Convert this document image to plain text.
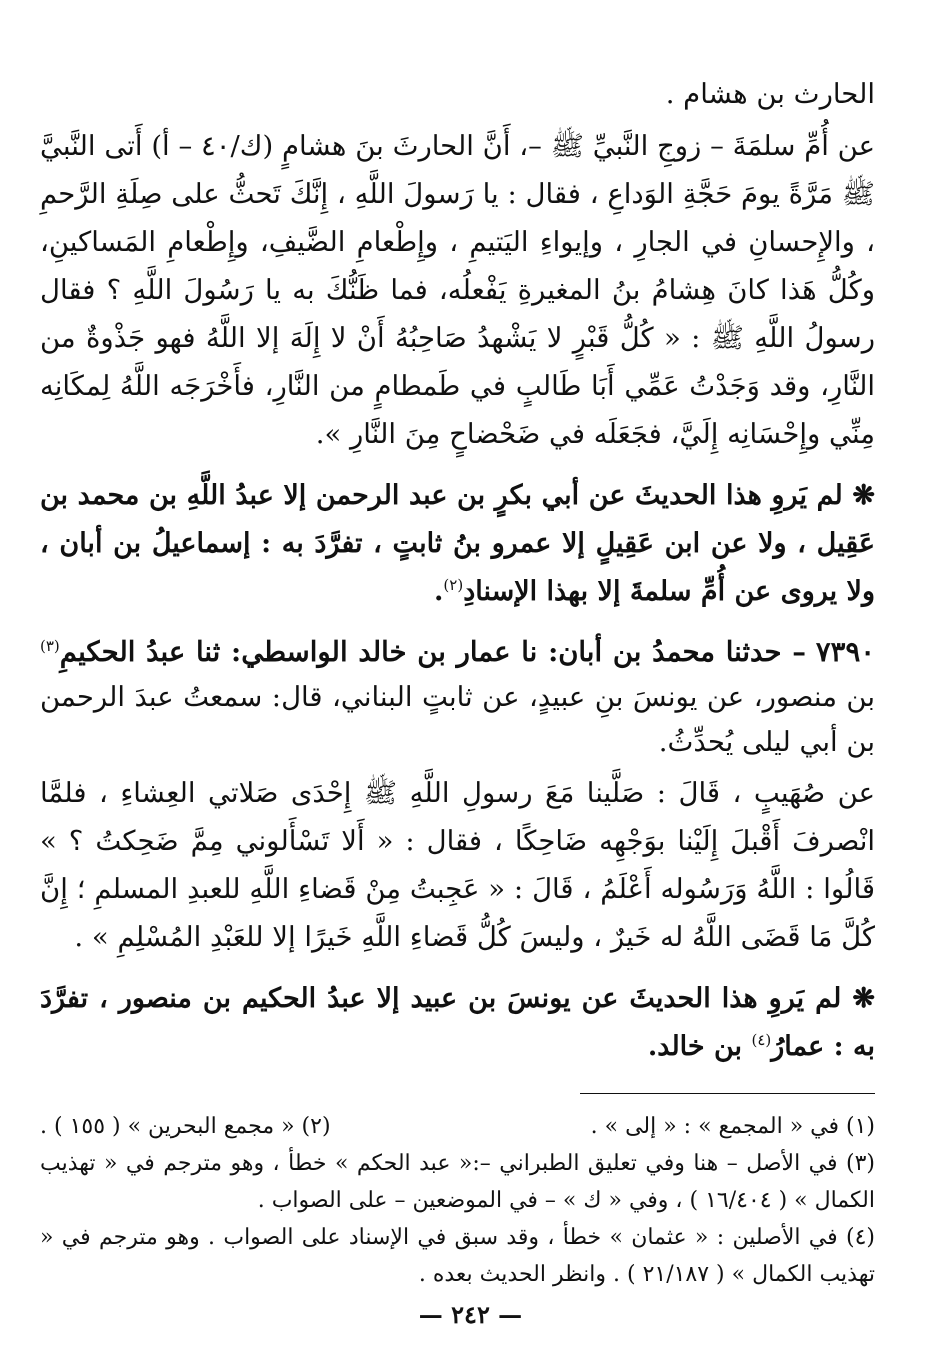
الحارث بن هشام .

عن أُمِّ سلمَةَ – زوجِ النَّبيِّ ﷺ –، أَنَّ الحارثَ بنَ هشامٍ (ك/٤٠ – أ) أَتى النَّبيَّ ﷺ مَرَّةً يومَ حَجَّةِ الوَداعِ ، فقال : يا رَسولَ اللَّهِ ، إِنَّكَ تَحثُّ على صِلَةِ الرَّحمِ ، والإِحسانِ في الجارِ ، وإيواءِ اليَتيمِ ، وإِطْعامِ الضَّيفِ، وإِطْعامِ المَساكينِ، وكُلُّ هَذا كانَ هِشامُ بنُ المغيرةِ يَفْعلُه، فما ظَنُّكَ به يا رَسُولَ اللَّهِ ؟ فقال رسولُ اللَّهِ ﷺ : « كُلُّ قَبْرٍ لا يَشْهدُ صَاحِبُهُ أَنْ لا إِلَهَ إلا اللَّهُ فهو جَذْوةٌ من النَّارِ، وقد وَجَدْتُ عَمِّي أَبَا طَالبٍ في طَمطامٍ من النَّارِ، فأَخْرَجَه اللَّهُ لِمكَانِه مِنِّي وإِحْسَانِه إِلَيَّ، فجَعَلَه في ضَحْضاحٍ مِنَ النَّارِ ».

❋ لم يَروِ هذا الحديثَ عن أبي بكرٍ بن عبد الرحمن إلا عبدُ اللَّهِ بن محمد بن عَقِيل ، ولا عن ابن عَقِيلٍ إلا عمرو بنُ ثابتٍ ، تفرَّدَ به : إسماعيلُ بن أبان ، ولا يروى عن أُمِّ سلمةَ إلا بهذا الإسنادِ$^{(٢)}$.

٧٣٩٠ – حدثنا محمدُ بن أبان: نا عمار بن خالد الواسطي: ثنا عبدُ الحكيمِ$^{(٣)}$ بن منصور، عن يونسَ بنِ عبيدٍ، عن ثابتٍ البناني، قال: سمعتُ عبدَ الرحمن بن أبي ليلى يُحدِّثُ.

عن صُهَيبٍ ، قَالَ : صَلَّينا مَعَ رسولِ اللَّهِ ﷺ إِحْدَى صَلاتي العِشاءِ ، فلمَّا انْصرفَ أَقْبلَ إِلَيْنا بوَجْهِه ضَاحِكًا ، فقال : « أَلا تَسْأَلوني مِمَّ ضَحِكتُ ؟ » قَالُوا : اللَّهُ وَرَسُوله أَعْلَمُ ، قَالَ : « عَجِبتُ مِنْ قَضاءِ اللَّهِ للعبدِ المسلمِ ؛ إِنَّ كُلَّ مَا قَضَى اللَّهُ له خَيرٌ ، وليسَ كُلُّ قَضاءِ اللَّهِ خَيرًا إلا للعَبْدِ المُسْلِمِ » .

❋ لم يَروِ هذا الحديثَ عن يونسَ بن عبيد إلا عبدُ الحكيم بن منصور ، تفرَّدَ به : عمارُ$^{(٤)}$ بن خالد.

(١) في « المجمع » : « إلى » .
(٢) « مجمع البحرين » ( ١٥٥ ) .

(٣) في الأصل – هنا وفي تعليق الطبراني –:« عبد الحكم » خطأ ، وهو مترجم في « تهذيب الكمال » ( ١٦/٤٠٤ ) ، وفي « ك » – في الموضعين – على الصواب .

(٤) في الأصلين : « عثمان » خطأ ، وقد سبق في الإسناد على الصواب . وهو مترجم في « تهذيب الكمال » ( ٢١/١٨٧ ) . وانظر الحديث بعده .

— ٢٤٢ —
